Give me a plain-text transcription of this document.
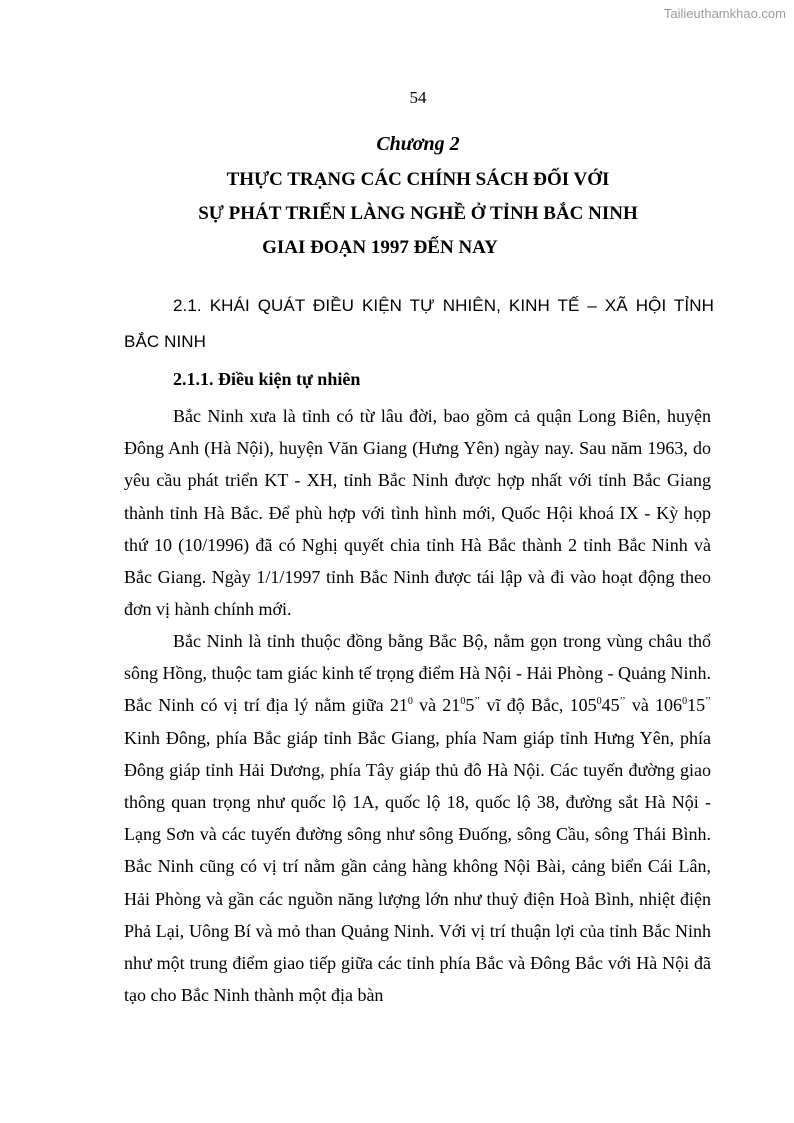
Tailieuthamkhao.com
54
Chương 2
THỰC TRẠNG CÁC CHÍNH SÁCH ĐỐI VỚI
SỰ PHÁT TRIỂN LÀNG NGHỀ Ở TỈNH BẮC NINH
GIAI ĐOẠN 1997 ĐẾN NAY
2.1. KHÁI QUÁT ĐIỀU KIỆN TỰ NHIÊN, KINH TẾ – XÃ HỘI TỈNH
BẮC NINH
2.1.1. Điều kiện tự nhiên

Bắc Ninh xưa là tỉnh có từ lâu đời, bao gồm cả quận Long Biên, huyện Đông Anh (Hà Nội), huyện Văn Giang (Hưng Yên) ngày nay. Sau năm 1963, do yêu cầu phát triển KT - XH, tỉnh Bắc Ninh được hợp nhất với tỉnh Bắc Giang thành tỉnh Hà Bắc. Để phù hợp với tình hình mới, Quốc Hội khoá IX - Kỳ họp thứ 10 (10/1996) đã có Nghị quyết chia tỉnh Hà Bắc thành 2 tỉnh Bắc Ninh và Bắc Giang. Ngày 1/1/1997 tỉnh Bắc Ninh được tái lập và đi vào hoạt động theo đơn vị hành chính mới.

Bắc Ninh là tỉnh thuộc đồng bằng Bắc Bộ, nằm gọn trong vùng châu thổ sông Hồng, thuộc tam giác kinh tế trọng điểm Hà Nội - Hải Phòng - Quảng Ninh. Bắc Ninh có vị trí địa lý nằm giữa $21^0$ và $21^05^{’’}$ vĩ độ Bắc, $105^045^{’’}$ và $106^015^{’’}$ Kinh Đông, phía Bắc giáp tỉnh Bắc Giang, phía Nam giáp tỉnh Hưng Yên, phía Đông giáp tỉnh Hải Dương, phía Tây giáp thủ đô Hà Nội. Các tuyến đường giao thông quan trọng như quốc lộ 1A, quốc lộ 18, quốc lộ 38, đường sắt Hà Nội - Lạng Sơn và các tuyến đường sông như sông Đuống, sông Cầu, sông Thái Bình. Bắc Ninh cũng có vị trí nằm gần cảng hàng không Nội Bài, cảng biển Cái Lân, Hải Phòng và gần các nguồn năng lượng lớn như thuỷ điện Hoà Bình, nhiệt điện Phả Lại, Uông Bí và mỏ than Quảng Ninh. Với vị trí thuận lợi của tỉnh Bắc Ninh như một trung điểm giao tiếp giữa các tỉnh phía Bắc và Đông Bắc với Hà Nội đã tạo cho Bắc Ninh thành một địa bàn
